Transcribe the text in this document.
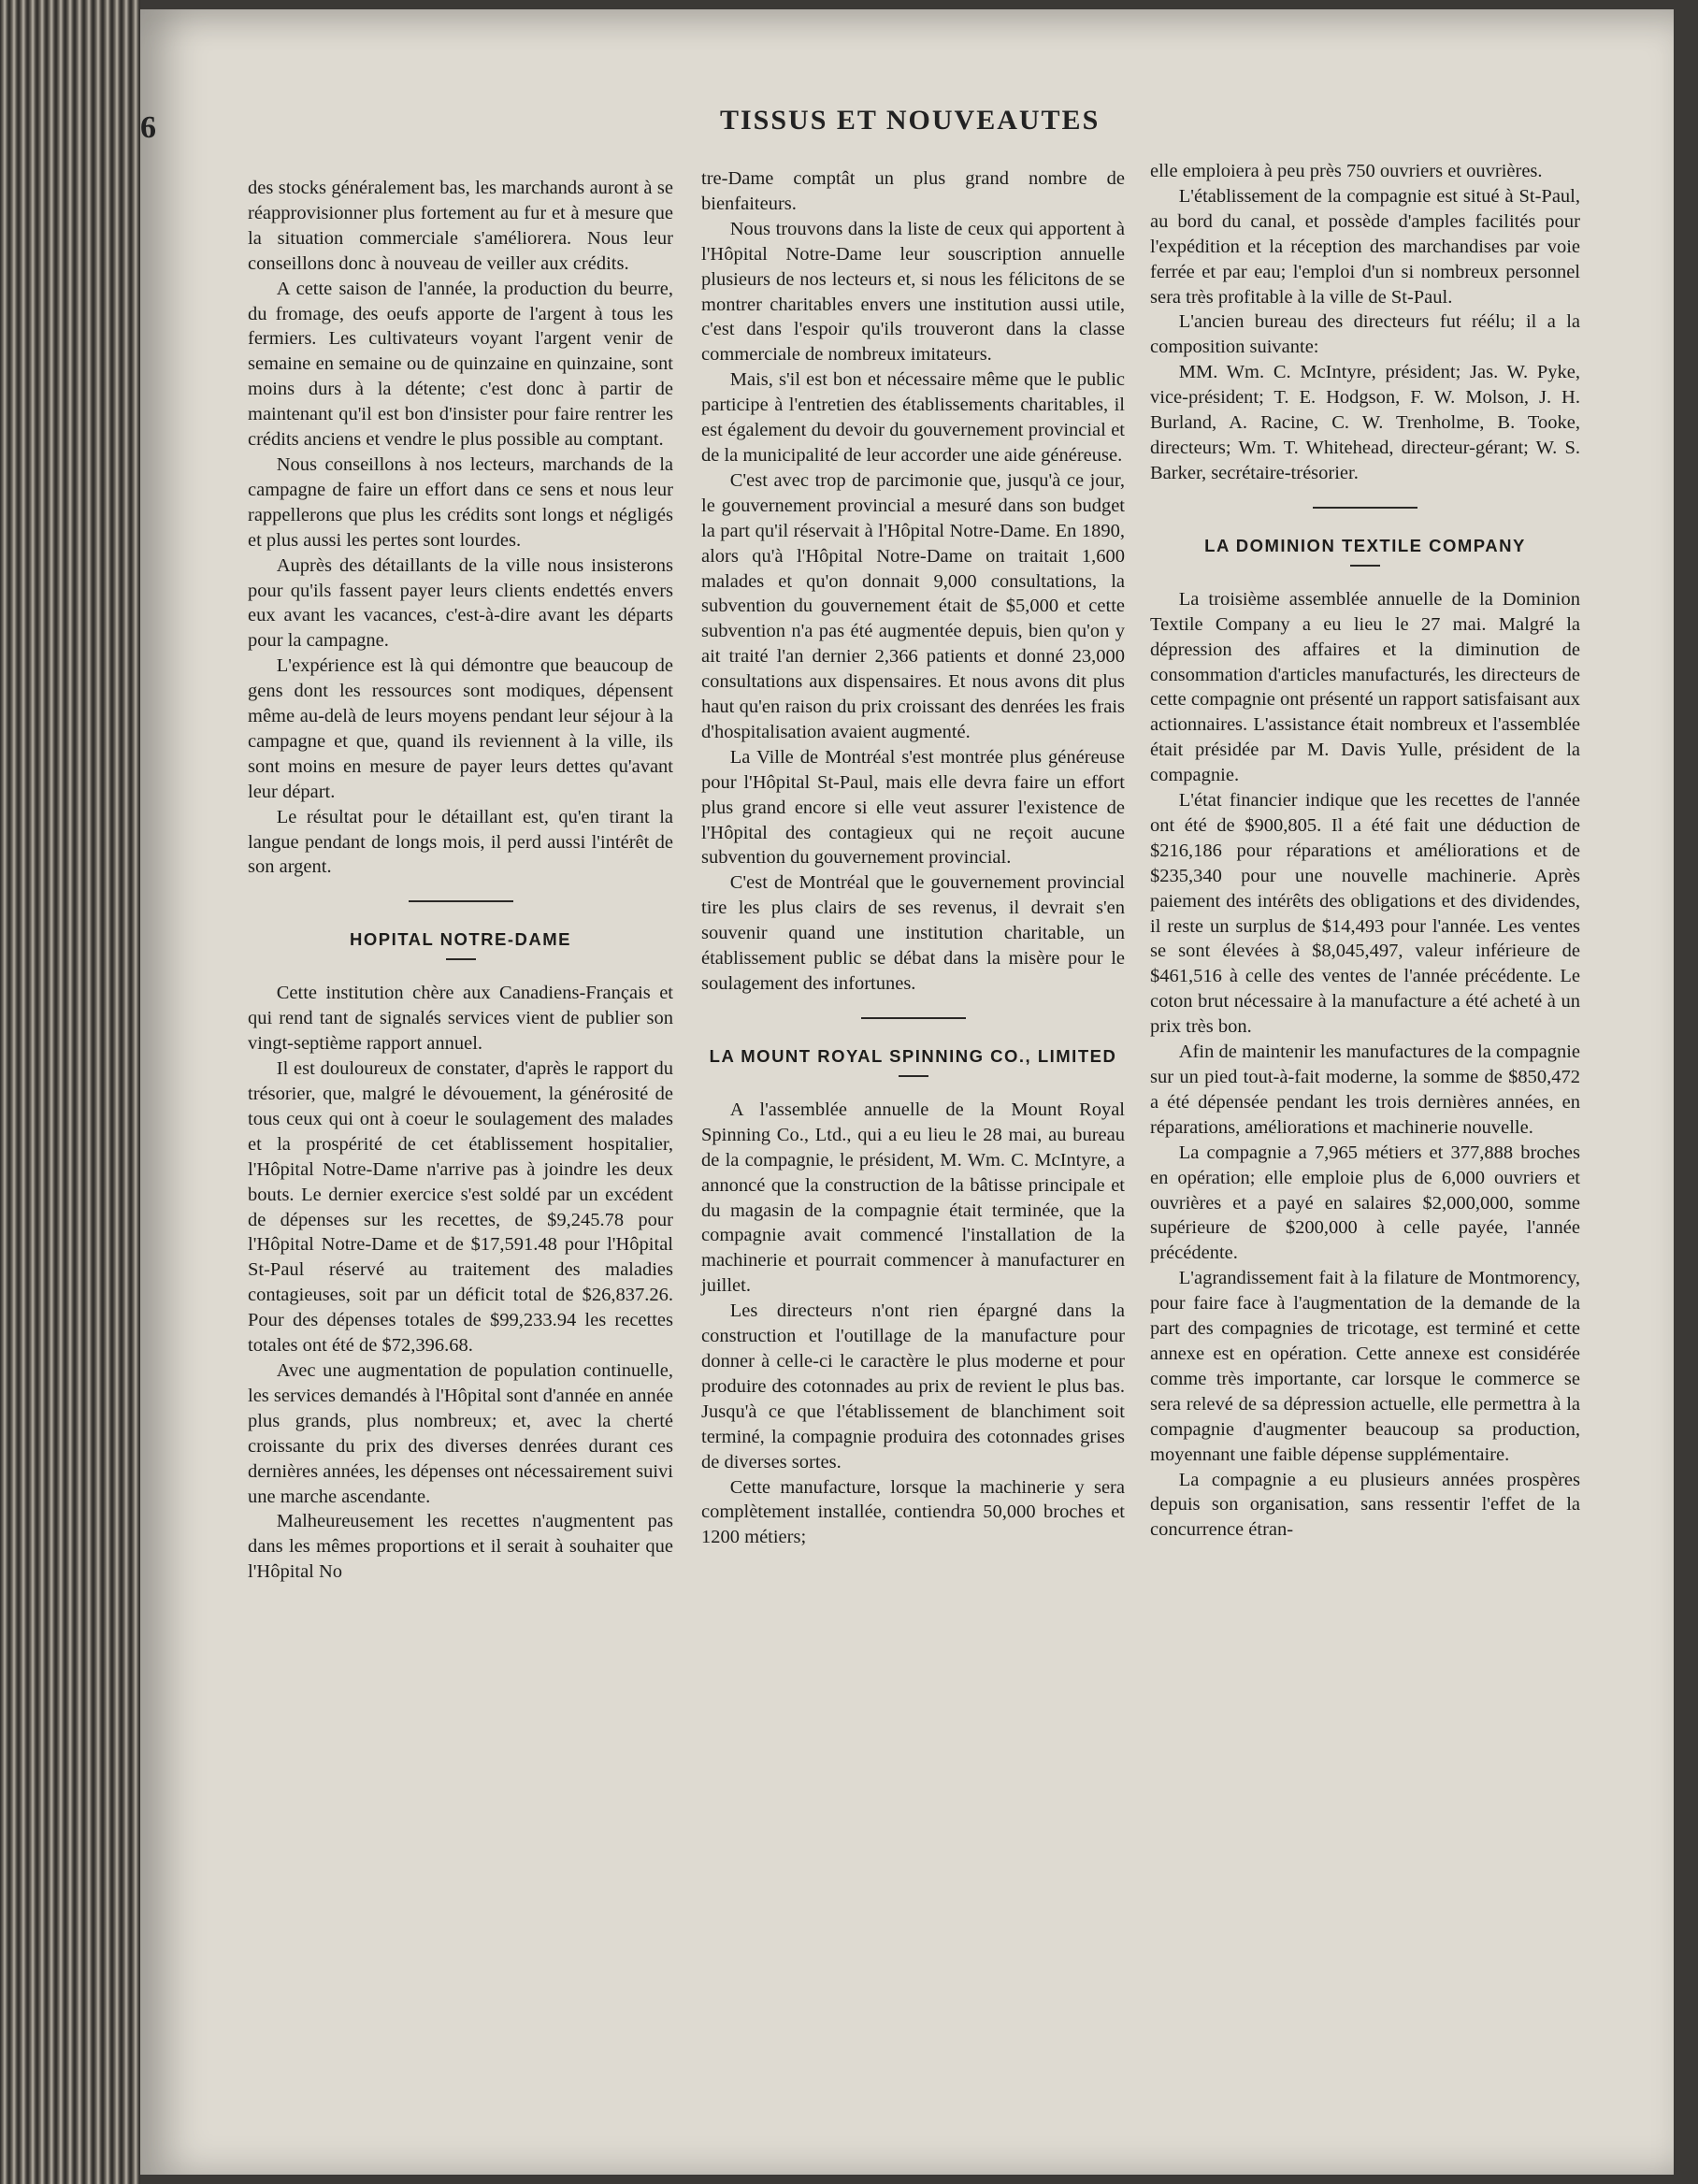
6	TISSUS ET NOUVEAUTES

des stocks généralement bas, les marchands auront à se réapprovisionner plus fortement au fur et à mesure que la situation commerciale s'améliorera. Nous leur conseillons donc à nouveau de veiller aux crédits.

A cette saison de l'année, la production du beurre, du fromage, des oeufs apporte de l'argent à tous les fermiers. Les cultivateurs voyant l'argent venir de semaine en semaine ou de quinzaine en quinzaine, sont moins durs à la détente; c'est donc à partir de maintenant qu'il est bon d'insister pour faire rentrer les crédits anciens et vendre le plus possible au comptant.

Nous conseillons à nos lecteurs, marchands de la campagne de faire un effort dans ce sens et nous leur rappellerons que plus les crédits sont longs et négligés et plus aussi les pertes sont lourdes.

Auprès des détaillants de la ville nous insisterons pour qu'ils fassent payer leurs clients endettés envers eux avant les vacances, c'est-à-dire avant les départs pour la campagne.

L'expérience est là qui démontre que beaucoup de gens dont les ressources sont modiques, dépensent même au-delà de leurs moyens pendant leur séjour à la campagne et que, quand ils reviennent à la ville, ils sont moins en mesure de payer leurs dettes qu'avant leur départ.

Le résultat pour le détaillant est, qu'en tirant la langue pendant de longs mois, il perd aussi l'intérêt de son argent.

HOPITAL NOTRE-DAME

Cette institution chère aux Canadiens-Français et qui rend tant de signalés services vient de publier son vingt-septième rapport annuel.

Il est douloureux de constater, d'après le rapport du trésorier, que, malgré le dévouement, la générosité de tous ceux qui ont à coeur le soulagement des malades et la prospérité de cet établissement hospitalier, l'Hôpital Notre-Dame n'arrive pas à joindre les deux bouts. Le dernier exercice s'est soldé par un excédent de dépenses sur les recettes, de $9,245.78 pour l'Hôpital Notre-Dame et de $17,591.48 pour l'Hôpital St-Paul réservé au traitement des maladies contagieuses, soit par un déficit total de $26,837.26. Pour des dépenses totales de $99,233.94 les recettes totales ont été de $72,396.68.

Avec une augmentation de population continuelle, les services demandés à l'Hôpital sont d'année en année plus grands, plus nombreux; et, avec la cherté croissante du prix des diverses denrées durant ces dernières années, les dépenses ont nécessairement suivi une marche ascendante.

Malheureusement les recettes n'augmentent pas dans les mêmes proportions et il serait à souhaiter que l'Hôpital No

tre-Dame comptât un plus grand nombre de bienfaiteurs.

Nous trouvons dans la liste de ceux qui apportent à l'Hôpital Notre-Dame leur souscription annuelle plusieurs de nos lecteurs et, si nous les félicitons de se montrer charitables envers une institution aussi utile, c'est dans l'espoir qu'ils trouveront dans la classe commerciale de nombreux imitateurs.

Mais, s'il est bon et nécessaire même que le public participe à l'entretien des établissements charitables, il est également du devoir du gouvernement provincial et de la municipalité de leur accorder une aide généreuse.

C'est avec trop de parcimonie que, jusqu'à ce jour, le gouvernement provincial a mesuré dans son budget la part qu'il réservait à l'Hôpital Notre-Dame. En 1890, alors qu'à l'Hôpital Notre-Dame on traitait 1,600 malades et qu'on donnait 9,000 consultations, la subvention du gouvernement était de $5,000 et cette subvention n'a pas été augmentée depuis, bien qu'on y ait traité l'an dernier 2,366 patients et donné 23,000 consultations aux dispensaires. Et nous avons dit plus haut qu'en raison du prix croissant des denrées les frais d'hospitalisation avaient augmenté.

La Ville de Montréal s'est montrée plus généreuse pour l'Hôpital St-Paul, mais elle devra faire un effort plus grand encore si elle veut assurer l'existence de l'Hôpital des contagieux qui ne reçoit aucune subvention du gouvernement provincial.

C'est de Montréal que le gouvernement provincial tire les plus clairs de ses revenus, il devrait s'en souvenir quand une institution charitable, un établissement public se débat dans la misère pour le soulagement des infortunes.

LA MOUNT ROYAL SPINNING CO., LIMITED

A l'assemblée annuelle de la Mount Royal Spinning Co., Ltd., qui a eu lieu le 28 mai, au bureau de la compagnie, le président, M. Wm. C. McIntyre, a annoncé que la construction de la bâtisse principale et du magasin de la compagnie était terminée, que la compagnie avait commencé l'installation de la machinerie et pourrait commencer à manufacturer en juillet.

Les directeurs n'ont rien épargné dans la construction et l'outillage de la manufacture pour donner à celle-ci le caractère le plus moderne et pour produire des cotonnades au prix de revient le plus bas. Jusqu'à ce que l'établissement de blanchiment soit terminé, la compagnie produira des cotonnades grises de diverses sortes.

Cette manufacture, lorsque la machinerie y sera complètement installée, contiendra 50,000 broches et 1200 métiers;

elle emploiera à peu près 750 ouvriers et ouvrières.

L'établissement de la compagnie est situé à St-Paul, au bord du canal, et possède d'amples facilités pour l'expédition et la réception des marchandises par voie ferrée et par eau; l'emploi d'un si nombreux personnel sera très profitable à la ville de St-Paul.

L'ancien bureau des directeurs fut réélu; il a la composition suivante:

MM. Wm. C. McIntyre, président; Jas. W. Pyke, vice-président; T. E. Hodgson, F. W. Molson, J. H. Burland, A. Racine, C. W. Trenholme, B. Tooke, directeurs; Wm. T. Whitehead, directeur-gérant; W. S. Barker, secrétaire-trésorier.

LA DOMINION TEXTILE COMPANY

La troisième assemblée annuelle de la Dominion Textile Company a eu lieu le 27 mai. Malgré la dépression des affaires et la diminution de consommation d'articles manufacturés, les directeurs de cette compagnie ont présenté un rapport satisfaisant aux actionnaires. L'assistance était nombreux et l'assemblée était présidée par M. Davis Yulle, président de la compagnie.

L'état financier indique que les recettes de l'année ont été de $900,805. Il a été fait une déduction de $216,186 pour réparations et améliorations et de $235,340 pour une nouvelle machinerie. Après paiement des intérêts des obligations et des dividendes, il reste un surplus de $14,493 pour l'année. Les ventes se sont élevées à $8,045,497, valeur inférieure de $461,516 à celle des ventes de l'année précédente. Le coton brut nécessaire à la manufacture a été acheté à un prix très bon.

Afin de maintenir les manufactures de la compagnie sur un pied tout-à-fait moderne, la somme de $850,472 a été dépensée pendant les trois dernières années, en réparations, améliorations et machinerie nouvelle.

La compagnie a 7,965 métiers et 377,888 broches en opération; elle emploie plus de 6,000 ouvriers et ouvrières et a payé en salaires $2,000,000, somme supérieure de $200,000 à celle payée, l'année précédente.

L'agrandissement fait à la filature de Montmorency, pour faire face à l'augmentation de la demande de la part des compagnies de tricotage, est terminé et cette annexe est en opération. Cette annexe est considérée comme très importante, car lorsque le commerce se sera relevé de sa dépression actuelle, elle permettra à la compagnie d'augmenter beaucoup sa production, moyennant une faible dépense supplémentaire.

La compagnie a eu plusieurs années prospères depuis son organisation, sans ressentir l'effet de la concurrence étran-
